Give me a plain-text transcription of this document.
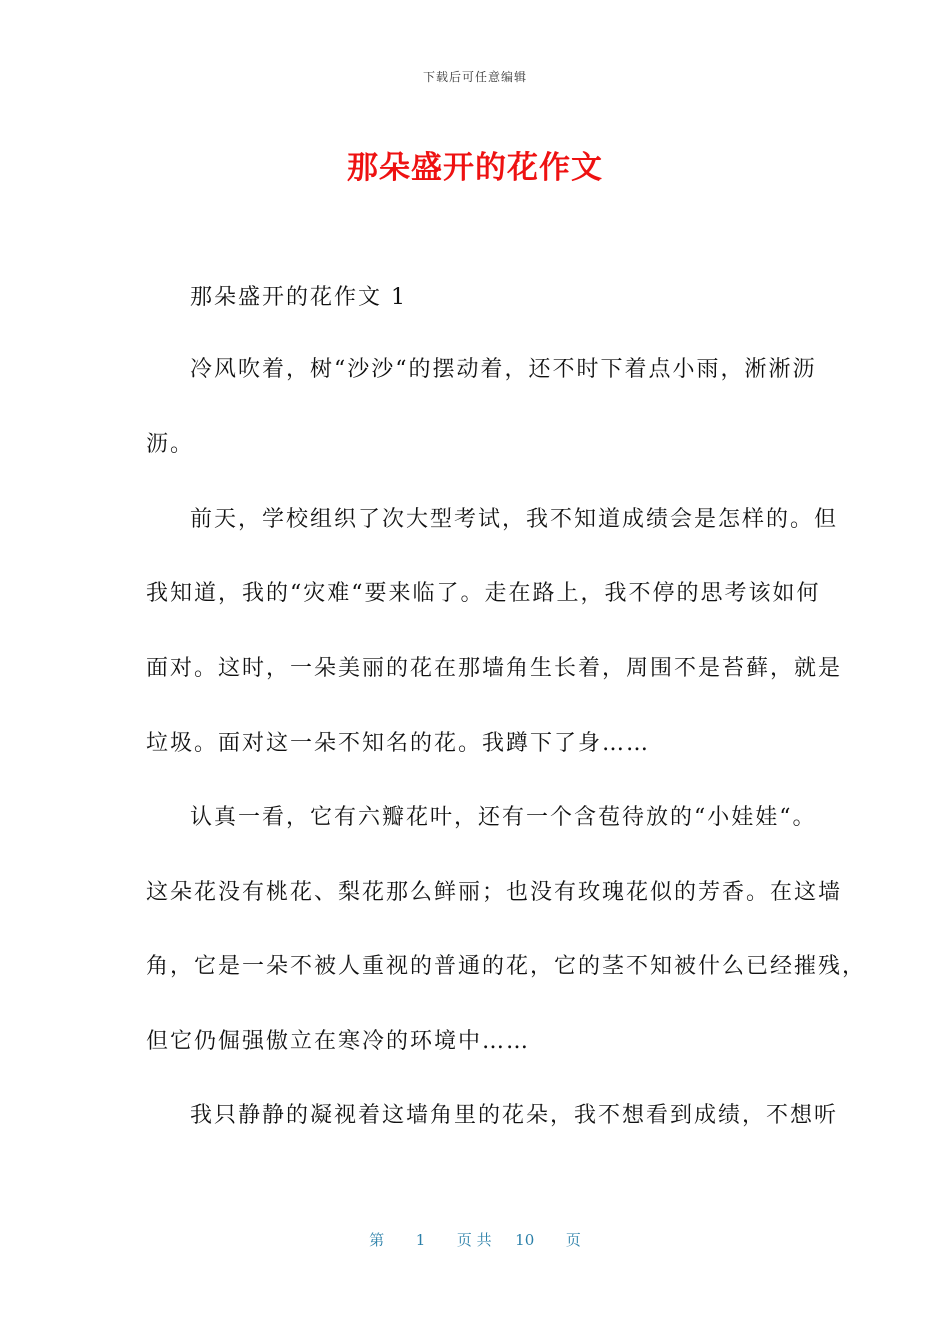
下载后可任意编辑
那朵盛开的花作文
那朵盛开的花作文 1
冷风吹着，树“沙沙“的摆动着，还不时下着点小雨，淅淅沥
沥。
前天，学校组织了次大型考试，我不知道成绩会是怎样的。但
我知道，我的“灾难“要来临了。走在路上，我不停的思考该如何
面对。这时，一朵美丽的花在那墙角生长着，周围不是苔藓，就是
垃圾。面对这一朵不知名的花。我蹲下了身……
认真一看，它有六瓣花叶，还有一个含苞待放的“小娃娃“。
这朵花没有桃花、梨花那么鲜丽；也没有玫瑰花似的芳香。在这墙
角，它是一朵不被人重视的普通的花，它的茎不知被什么已经摧残，
但它仍倔强傲立在寒冷的环境中……
我只静静的凝视着这墙角里的花朵，我不想看到成绩，不想听
第 1 页 共 10 页
